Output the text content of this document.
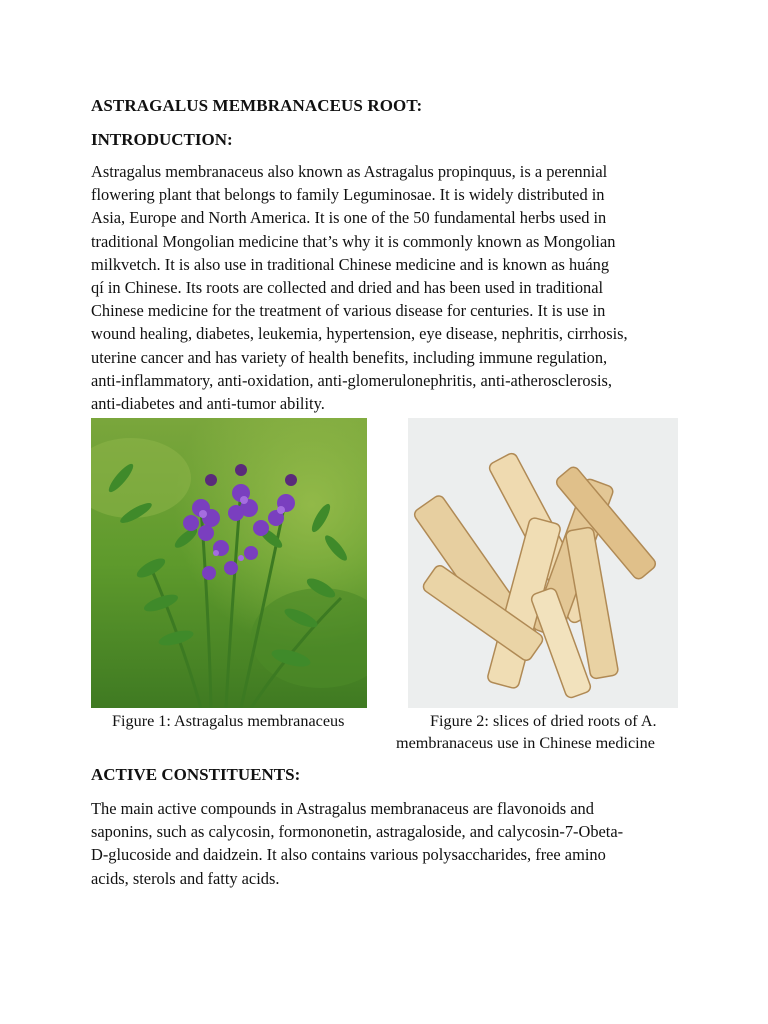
ASTRAGALUS MEMBRANACEUS ROOT:
INTRODUCTION:
Astragalus membranaceus also known as Astragalus propinquus, is a perennial
flowering plant that belongs to family Leguminosae. It is widely distributed in
Asia, Europe and North America. It is one of the 50 fundamental herbs used in
traditional Mongolian medicine that’s why it is commonly known as Mongolian
milkvetch. It is also use in traditional Chinese medicine and is known as huáng
qí in Chinese. Its roots are collected and dried and has been used in traditional
Chinese medicine for the treatment of various disease for centuries. It is use in
wound healing, diabetes, leukemia, hypertension, eye disease, nephritis, cirrhosis,
uterine cancer and has variety of health benefits, including immune regulation,
anti-inflammatory, anti-oxidation, anti-glomerulonephritis, anti-atherosclerosis,
anti-diabetes and anti-tumor ability.
Figure 1: Astragalus membranaceus	Figure 2: slices of dried roots of A.
membranaceus use in Chinese medicine
ACTIVE CONSTITUENTS:
The main active compounds in Astragalus membranaceus are flavonoids and
saponins, such as calycosin, formononetin, astragaloside, and calycosin-7-Obeta-
D-glucoside and daidzein. It also contains various polysaccharides, free amino
acids, sterols and fatty acids.
